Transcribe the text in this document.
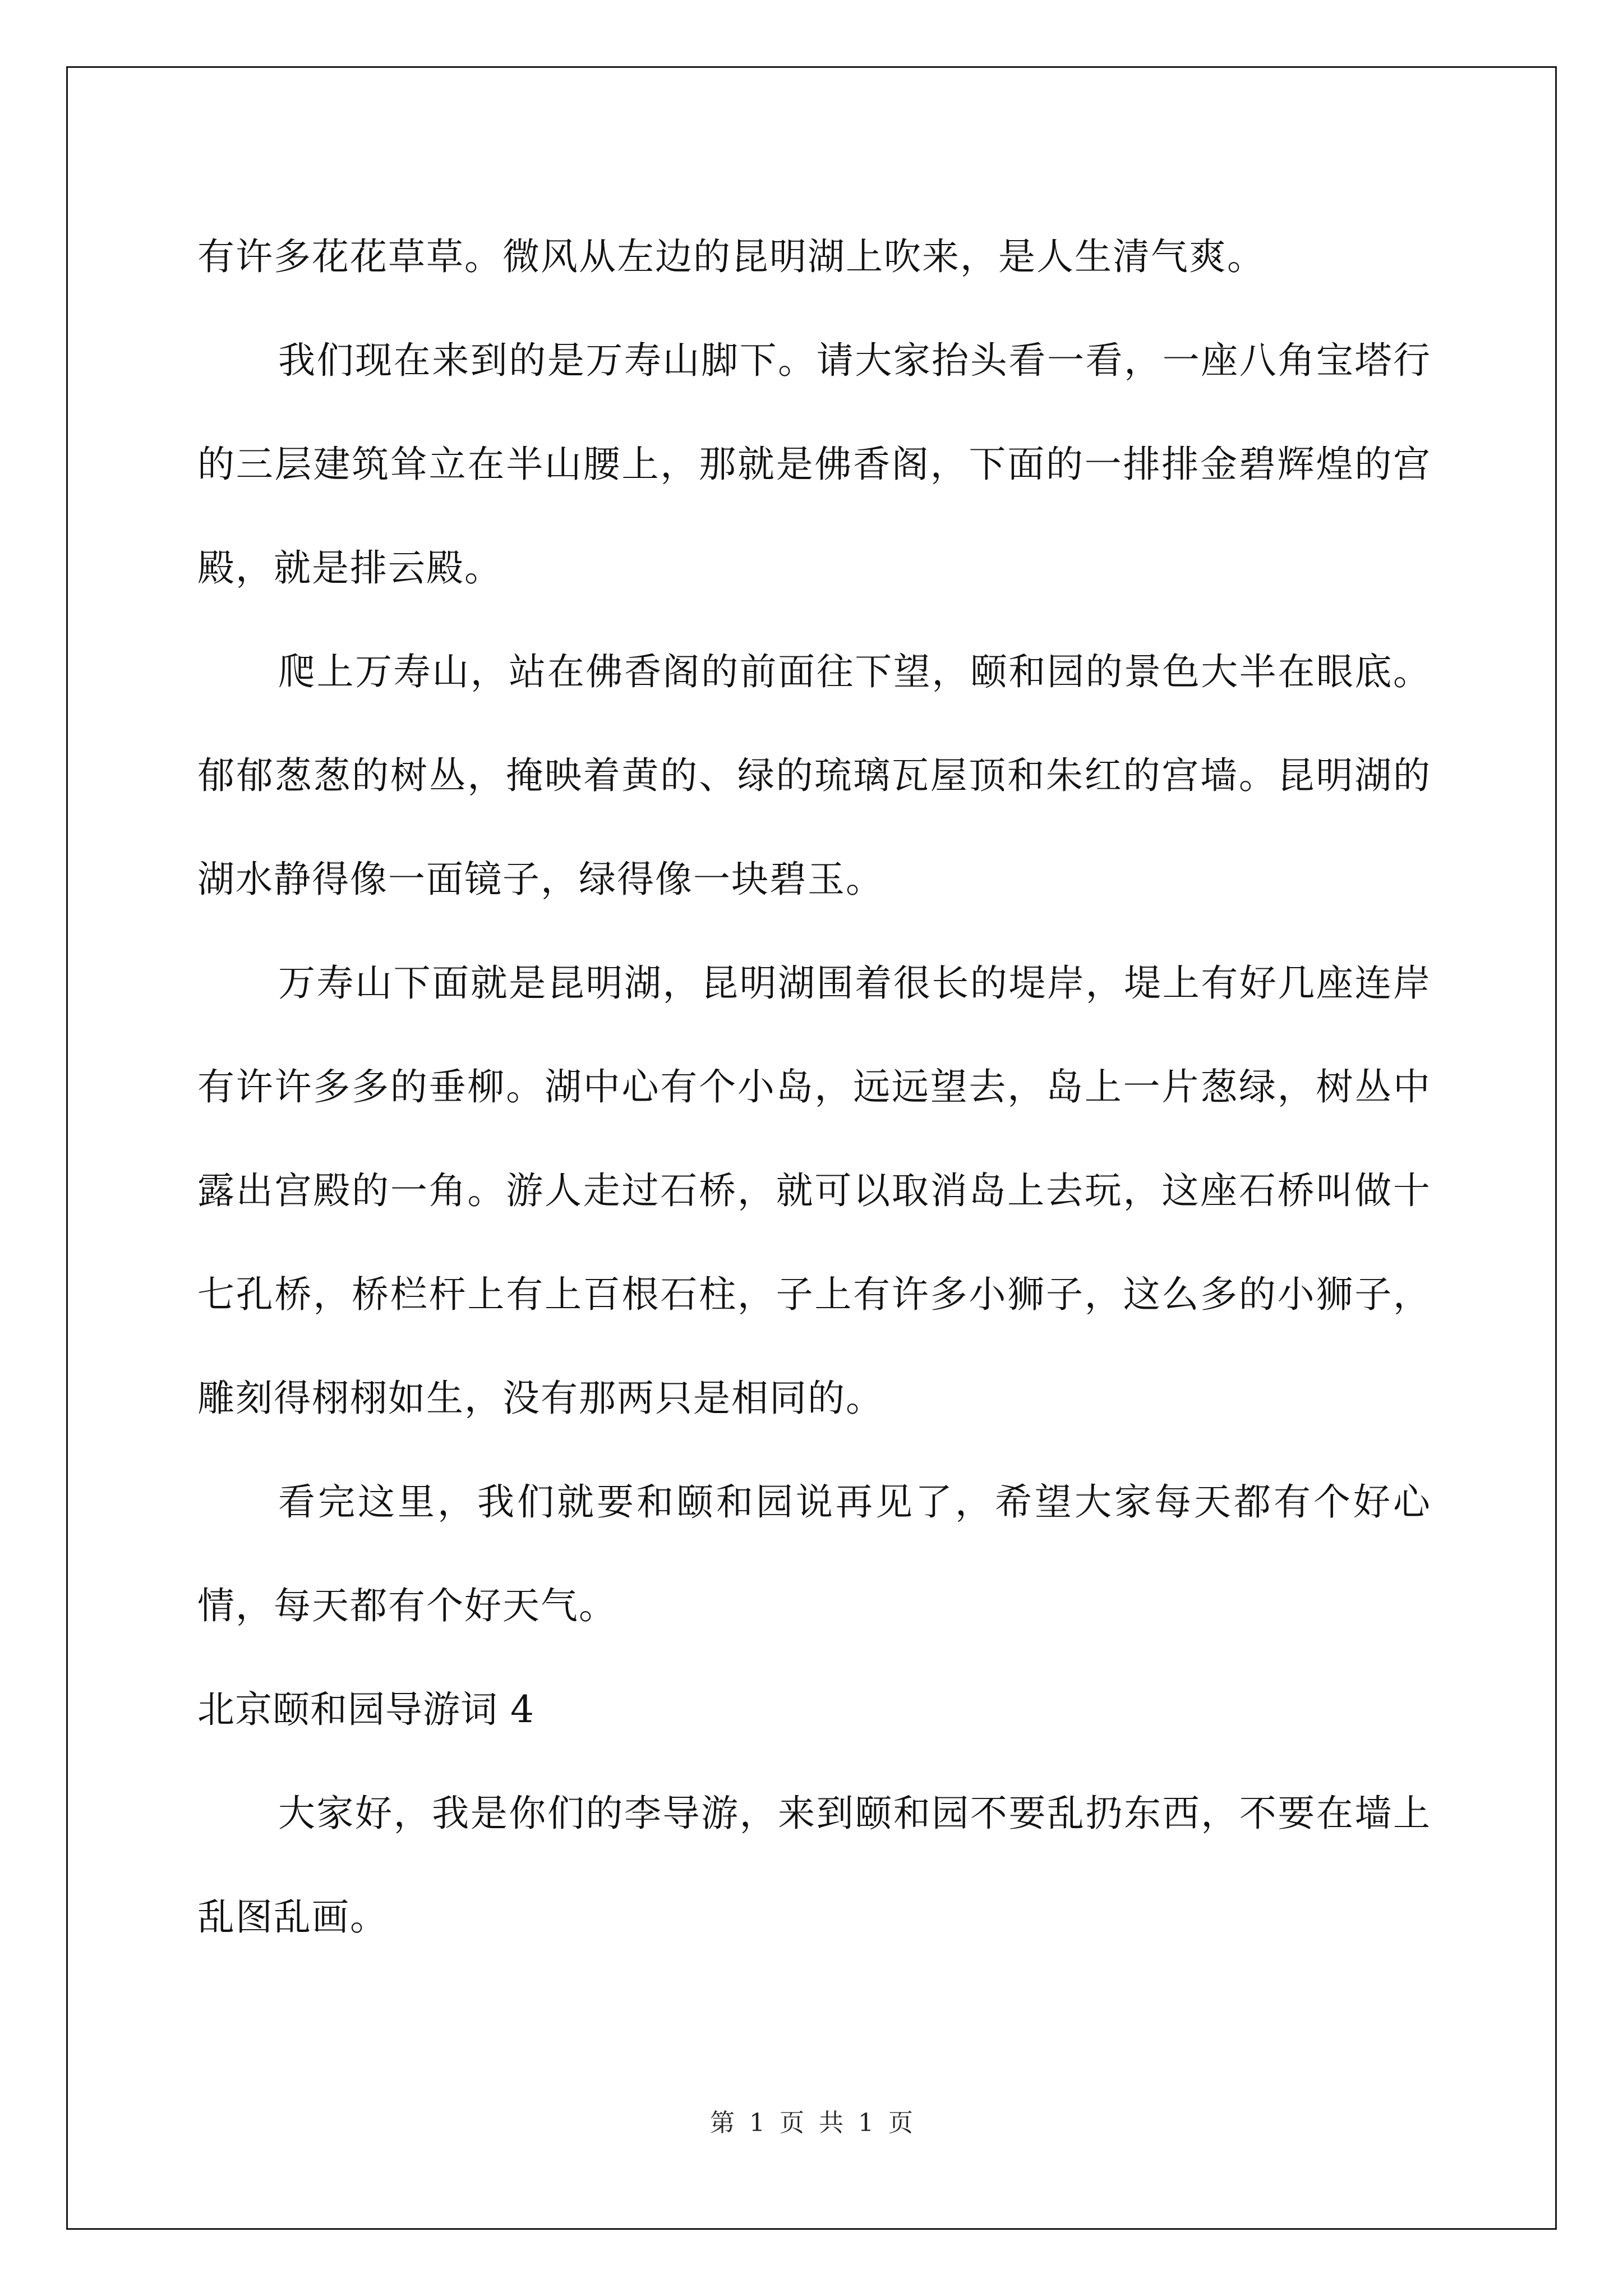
有许多花花草草。微风从左边的昆明湖上吹来，是人生清气爽。

我们现在来到的是万寿山脚下。请大家抬头看一看，一座八角宝塔行的三层建筑耸立在半山腰上，那就是佛香阁，下面的一排排金碧辉煌的宫殿，就是排云殿。

爬上万寿山，站在佛香阁的前面往下望，颐和园的景色大半在眼底。郁郁葱葱的树丛，掩映着黄的、绿的琉璃瓦屋顶和朱红的宫墙。昆明湖的湖水静得像一面镜子，绿得像一块碧玉。

万寿山下面就是昆明湖，昆明湖围着很长的堤岸，堤上有好几座连岸有许许多多的垂柳。湖中心有个小岛，远远望去，岛上一片葱绿，树丛中露出宫殿的一角。游人走过石桥，就可以取消岛上去玩，这座石桥叫做十七孔桥，桥栏杆上有上百根石柱，子上有许多小狮子，这么多的小狮子，雕刻得栩栩如生，没有那两只是相同的。

看完这里，我们就要和颐和园说再见了，希望大家每天都有个好心情，每天都有个好天气。

北京颐和园导游词 4

大家好，我是你们的李导游，来到颐和园不要乱扔东西，不要在墙上乱图乱画。

第 1 页 共 1 页
